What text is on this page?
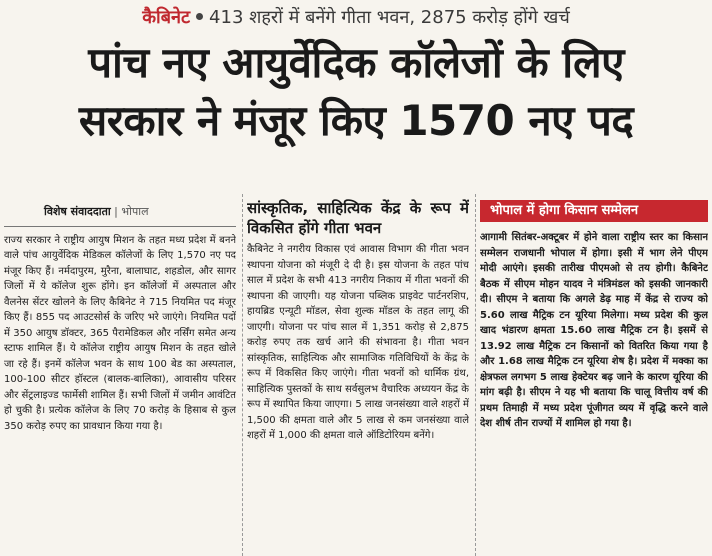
कैबिनेट 413 शहरों में बनेंगे गीता भवन, 2875 करोड़ होंगे खर्च
पांच नए आयुर्वेदिक कॉलेजों के लिए
सरकार ने मंजूर किए 1570 नए पद
विशेष संवाददाता | भोपाल

राज्य सरकार ने राष्ट्रीय आयुष मिशन के तहत मध्य प्रदेश में बनने वाले पांच आयुर्वेदिक मेडिकल कॉलेजों के लिए 1,570 नए पद मंजूर किए हैं। नर्मदापुरम, मुरैना, बालाघाट, शहडोल, और सागर जिलों में ये कॉलेज शुरू होंगे। इन कॉलेजों में अस्पताल और वैलनेस सेंटर खोलने के लिए कैबिनेट ने 715 नियमित पद मंजूर किए हैं। 855 पद आउटसोर्स के जरिए भरे जाएंगे। नियमित पदों में 350 आयुष डॉक्टर, 365 पैरामेडिकल और नर्सिंग समेत अन्य स्टाफ शामिल हैं। ये कॉलेज राष्ट्रीय आयुष मिशन के तहत खोले जा रहे हैं। इनमें कॉलेज भवन के साथ 100 बेड का अस्पताल, 100-100 सीटर हॉस्टल (बालक-बालिका), आवासीय परिसर और सेंट्रलाइज्ड फार्मेसी शामिल हैं। सभी जिलों में जमीन आवंटित हो चुकी है। प्रत्येक कॉलेज के लिए 70 करोड़ के हिसाब से कुल 350 करोड़ रुपए का प्रावधान किया गया है।

सांस्कृतिक, साहित्यिक केंद्र के रूप में विकसित होंगे गीता भवन

कैबिनेट ने नगरीय विकास एवं आवास विभाग की गीता भवन स्थापना योजना को मंजूरी दे दी है। इस योजना के तहत पांच साल में प्रदेश के सभी 413 नगरीय निकाय में गीता भवनों की स्थापना की जाएगी। यह योजना पब्लिक प्राइवेट पार्टनरशिप, हायब्रिड एन्यूटी मॉडल, सेवा शुल्क मॉडल के तहत लागू की जाएगी। योजना पर पांच साल में 1,351 करोड़ से 2,875 करोड़ रुपए तक खर्च आने की संभावना है। गीता भवन सांस्कृतिक, साहित्यिक और सामाजिक गतिविधियों के केंद्र के रूप में विकसित किए जाएंगे। गीता भवनों को धार्मिक ग्रंथ, साहित्यिक पुस्तकों के साथ सर्वसुलभ वैचारिक अध्ययन केंद्र के रूप में स्थापित किया जाएगा। 5 लाख जनसंख्या वाले शहरों में 1,500 की क्षमता वाले और 5 लाख से कम जनसंख्या वाले शहरों में 1,000 की क्षमता वाले ऑडिटोरियम बनेंगे।

भोपाल में होगा किसान सम्मेलन

आगामी सितंबर-अक्टूबर में होने वाला राष्ट्रीय स्तर का किसान सम्मेलन राजधानी भोपाल में होगा। इसी में भाग लेने पीएम मोदी आएंगे। इसकी तारीख पीएमओ से तय होगी। कैबिनेट बैठक में सीएम मोहन यादव ने मंत्रिमंडल को इसकी जानकारी दी। सीएम ने बताया कि अगले डेढ़ माह में केंद्र से राज्य को 5.60 लाख मैट्रिक टन यूरिया मिलेगा। मध्य प्रदेश की कुल खाद भंडारण क्षमता 15.60 लाख मैट्रिक टन है। इसमें से 13.92 लाख मैट्रिक टन किसानों को वितरित किया गया है और 1.68 लाख मैट्रिक टन यूरिया शेष है। प्रदेश में मक्का का क्षेत्रफल लगभग 5 लाख हेक्टेयर बढ़ जाने के कारण यूरिया की मांग बढ़ी है। सीएम ने यह भी बताया कि चालू वित्तीय वर्ष की प्रथम तिमाही में मध्य प्रदेश पूंजीगत व्यय में वृद्धि करने वाले देश शीर्ष तीन राज्यों में शामिल हो गया है।
